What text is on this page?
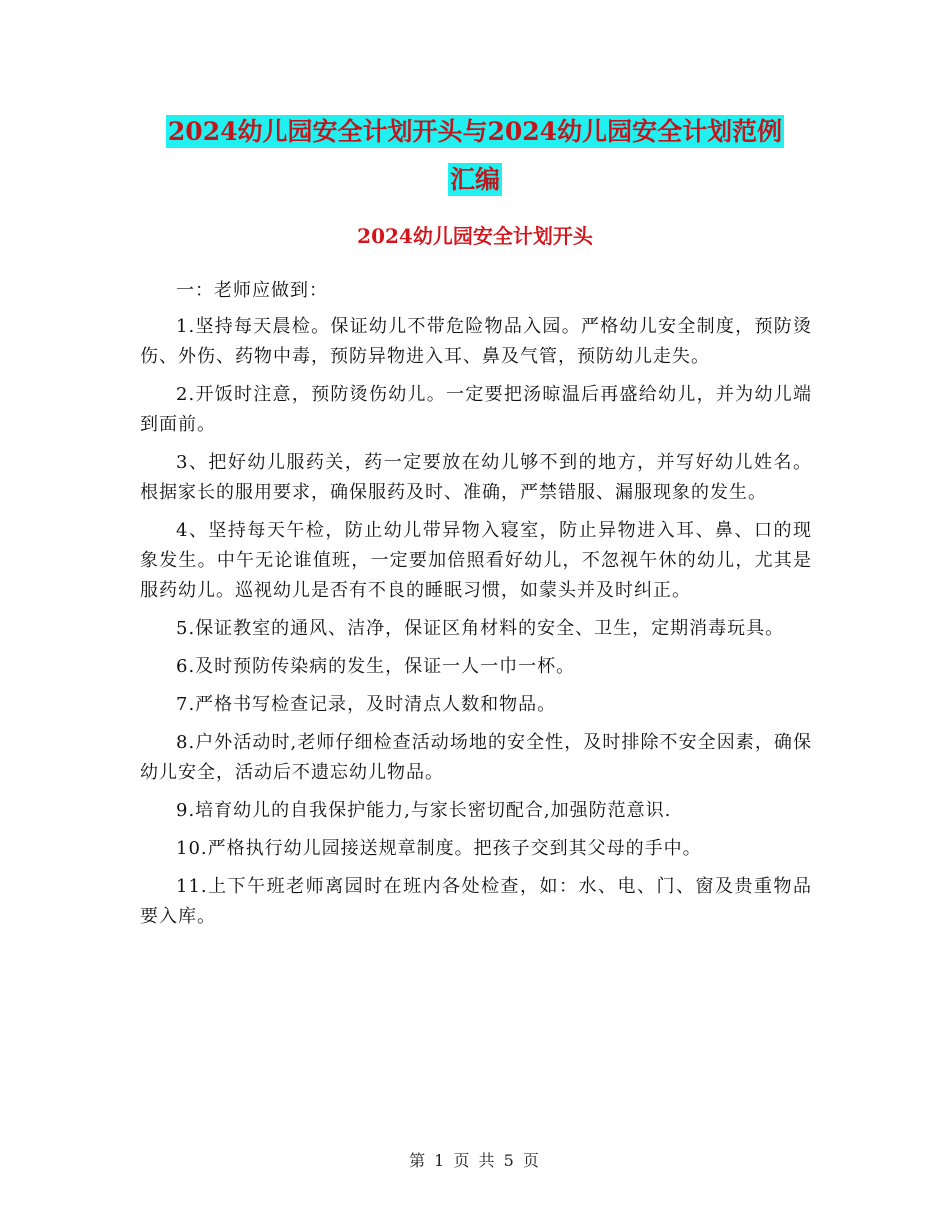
2024幼儿园安全计划开头与2024幼儿园安全计划范例
汇编
2024幼儿园安全计划开头

一：老师应做到：

1.坚持每天晨检。保证幼儿不带危险物品入园。严格幼儿安全制度，预防烫伤、外伤、药物中毒，预防异物进入耳、鼻及气管，预防幼儿走失。

2.开饭时注意，预防烫伤幼儿。一定要把汤晾温后再盛给幼儿，并为幼儿端到面前。

3、把好幼儿服药关，药一定要放在幼儿够不到的地方，并写好幼儿姓名。根据家长的服用要求，确保服药及时、准确，严禁错服、漏服现象的发生。

4、坚持每天午检，防止幼儿带异物入寝室，防止异物进入耳、鼻、口的现象发生。中午无论谁值班，一定要加倍照看好幼儿，不忽视午休的幼儿，尤其是服药幼儿。巡视幼儿是否有不良的睡眠习惯，如蒙头并及时纠正。

5.保证教室的通风、洁净，保证区角材料的安全、卫生，定期消毒玩具。

6.及时预防传染病的发生，保证一人一巾一杯。

7.严格书写检查记录，及时清点人数和物品。

8.户外活动时,老师仔细检查活动场地的安全性，及时排除不安全因素，确保幼儿安全，活动后不遗忘幼儿物品。

9.培育幼儿的自我保护能力,与家长密切配合,加强防范意识.

10.严格执行幼儿园接送规章制度。把孩子交到其父母的手中。

11.上下午班老师离园时在班内各处检查，如：水、电、门、窗及贵重物品要入库。

第 1 页 共 5 页
